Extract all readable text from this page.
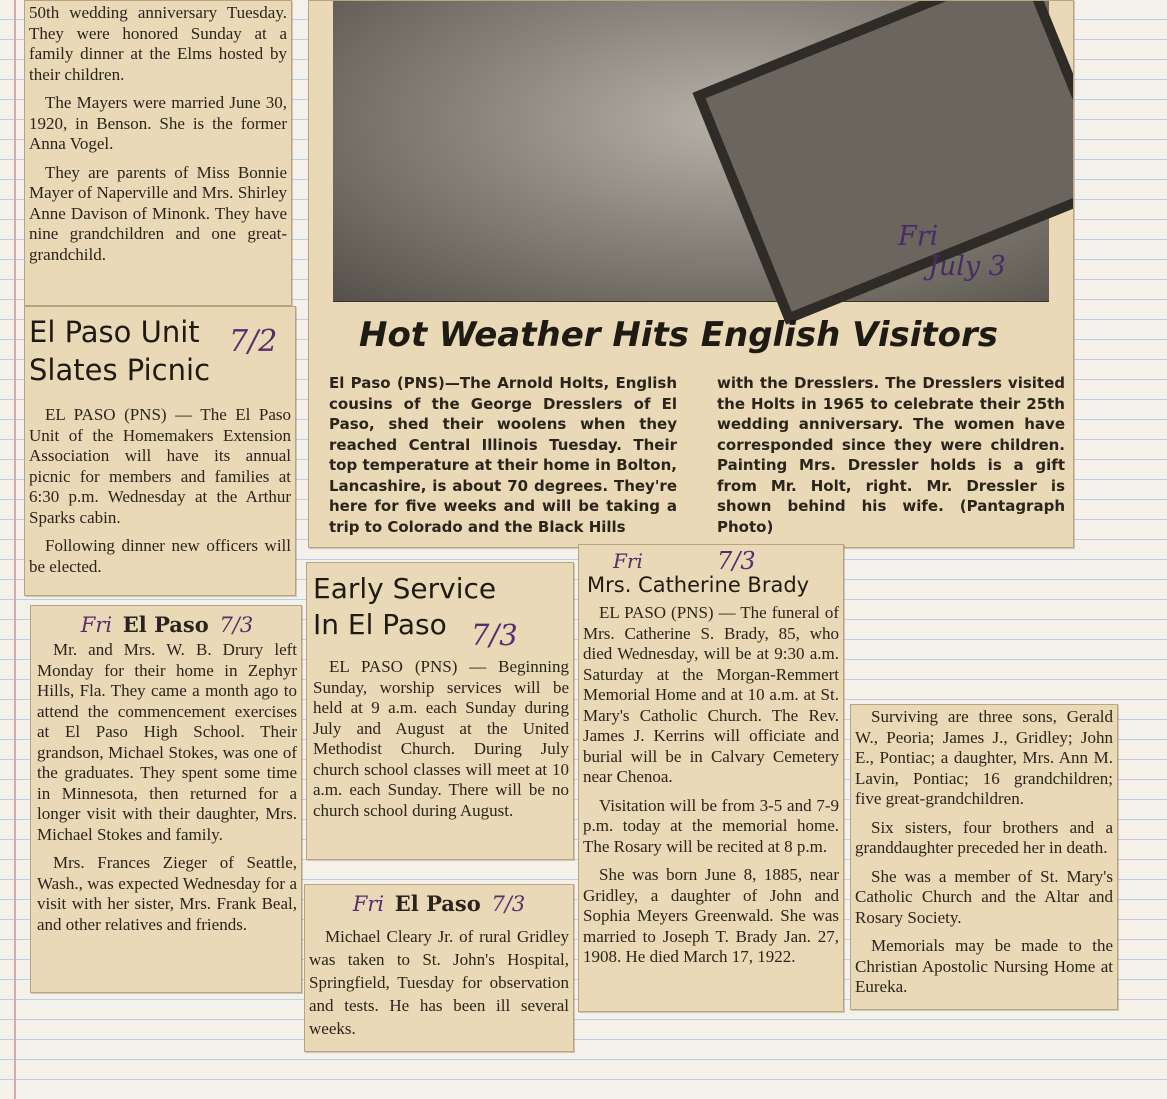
50th wedding anniversary Tuesday. They were honored Sunday at a family dinner at the Elms hosted by their children.

The Mayers were married June 30, 1920, in Benson. She is the former Anna Vogel.

They are parents of Miss Bonnie Mayer of Naperville and Mrs. Shirley Anne Davison of Minonk. They have nine grandchildren and one great-grandchild.

El Paso Unit
Slates Picnic
7/2

EL PASO (PNS) — The El Paso Unit of the Homemakers Extension Association will have its annual picnic for members and families at 6:30 p.m. Wednesday at the Arthur Sparks cabin.

Following dinner new officers will be elected.

Fri El Paso 7/3

Mr. and Mrs. W. B. Drury left Monday for their home in Zephyr Hills, Fla. They came a month ago to attend the commencement exercises at El Paso High School. Their grandson, Michael Stokes, was one of the graduates. They spent some time in Minnesota, then returned for a longer visit with their daughter, Mrs. Michael Stokes and family.

Mrs. Frances Zieger of Seattle, Wash., was expected Wednesday for a visit with her sister, Mrs. Frank Beal, and other relatives and friends.

Fri
July 3
Hot Weather Hits English Visitors

El Paso (PNS)—The Arnold Holts, English cousins of the George Dresslers of El Paso, shed their woolens when they reached Central Illinois Tuesday. Their top temperature at their home in Bolton, Lancashire, is about 70 degrees. They're here for five weeks and will be taking a trip to Colorado and the Black Hills

with the Dresslers. The Dresslers visited the Holts in 1965 to celebrate their 25th wedding anniversary. The women have corresponded since they were children. Painting Mrs. Dressler holds is a gift from Mr. Holt, right. Mr. Dressler is shown behind his wife. (Pantagraph Photo)

Early Service
In El Paso 7/3

EL PASO (PNS) — Beginning Sunday, worship services will be held at 9 a.m. each Sunday during July and August at the United Methodist Church. During July church school classes will meet at 10 a.m. each Sunday. There will be no church school during August.

Fri El Paso 7/3

Michael Cleary Jr. of rural Gridley was taken to St. John's Hospital, Springfield, Tuesday for observation and tests. He has been ill several weeks.

Fri	7/3
Mrs. Catherine Brady

EL PASO (PNS) — The funeral of Mrs. Catherine S. Brady, 85, who died Wednesday, will be at 9:30 a.m. Saturday at the Morgan-Remmert Memorial Home and at 10 a.m. at St. Mary's Catholic Church. The Rev. James J. Kerrins will officiate and burial will be in Calvary Cemetery near Chenoa.

Visitation will be from 3-5 and 7-9 p.m. today at the memorial home. The Rosary will be recited at 8 p.m.

She was born June 8, 1885, near Gridley, a daughter of John and Sophia Meyers Greenwald. She was married to Joseph T. Brady Jan. 27, 1908. He died March 17, 1922.

Surviving are three sons, Gerald W., Peoria; James J., Gridley; John E., Pontiac; a daughter, Mrs. Ann M. Lavin, Pontiac; 16 grandchildren; five great-grandchildren.

Six sisters, four brothers and a granddaughter preceded her in death.

She was a member of St. Mary's Catholic Church and the Altar and Rosary Society.

Memorials may be made to the Christian Apostolic Nursing Home at Eureka.
